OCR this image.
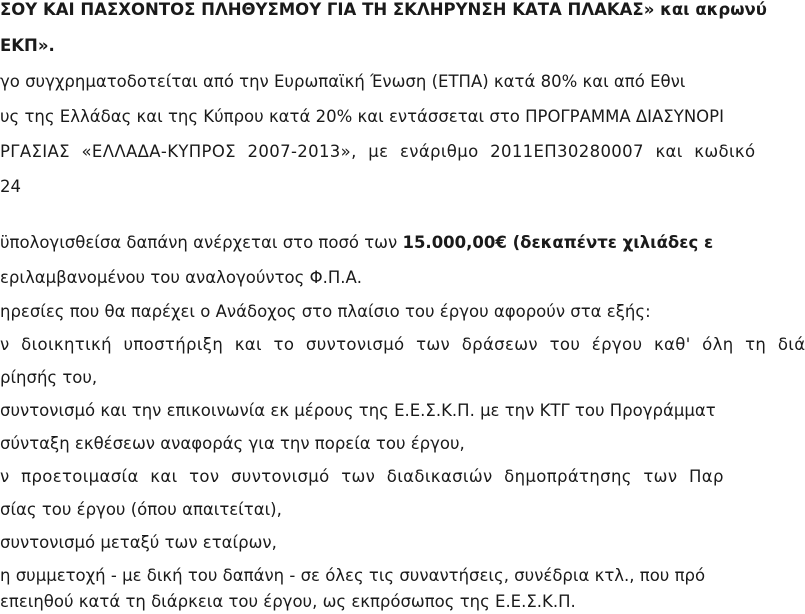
ΣΟΥ ΚΑΙ ΠΑΣΧΟΝΤΟΣ ΠΛΗΘΥΣΜΟΥ ΓΙΑ ΤΗ ΣΚΛΗΡΥΝΣΗ ΚΑΤΑ ΠΛΑΚΑΣ» και ακρωνύ
ΕΚΠ».
γο συγχρηματοδοτείται από την Ευρωπαϊκή Ένωση (ΕΤΠΑ) κατά 80% και από Εθνι
υς της Ελλάδας και της Κύπρου κατά 20% και εντάσσεται στο ΠΡΟΓΡΑΜΜΑ ΔΙΑΣΥΝΟΡΙ
ΡΓΑΣΙΑΣ «ΕΛΛΑΔΑ-ΚΥΠΡΟΣ 2007-2013», με ενάριθμο 2011ΕΠ30280007 και κωδικό
24
ϋπολογισθείσα δαπάνη ανέρχεται στο ποσό των 15.000,00€ (δεκαπέντε χιλιάδες ε
εριλαμβανομένου του αναλογούντος Φ.Π.Α.
ηρεσίες που θα παρέχει ο Ανάδοχος στο πλαίσιο του έργου αφορούν στα εξής:
ν διοικητική υποστήριξη και το συντονισμό των δράσεων του έργου καθ' όλη τη διά
ρίησής του,
συντονισμό και την επικοινωνία εκ μέρους της Ε.Ε.Σ.Κ.Π. με την ΚΤΓ του Προγράμματ
σύνταξη εκθέσεων αναφοράς για την πορεία του έργου,
ν προετοιμασία και τον συντονισμό των διαδικασιών δημοπράτησης των Παρ
σίας του έργου (όπου απαιτείται),
συντονισμό μεταξύ των εταίρων,
η συμμετοχή - με δική του δαπάνη - σε όλες τις συναντήσεις, συνέδρια κτλ., που πρό
επειηθού κατά τη διάρκεια του έργου, ως εκπρόσωπος της Ε.Ε.Σ.Κ.Π.
